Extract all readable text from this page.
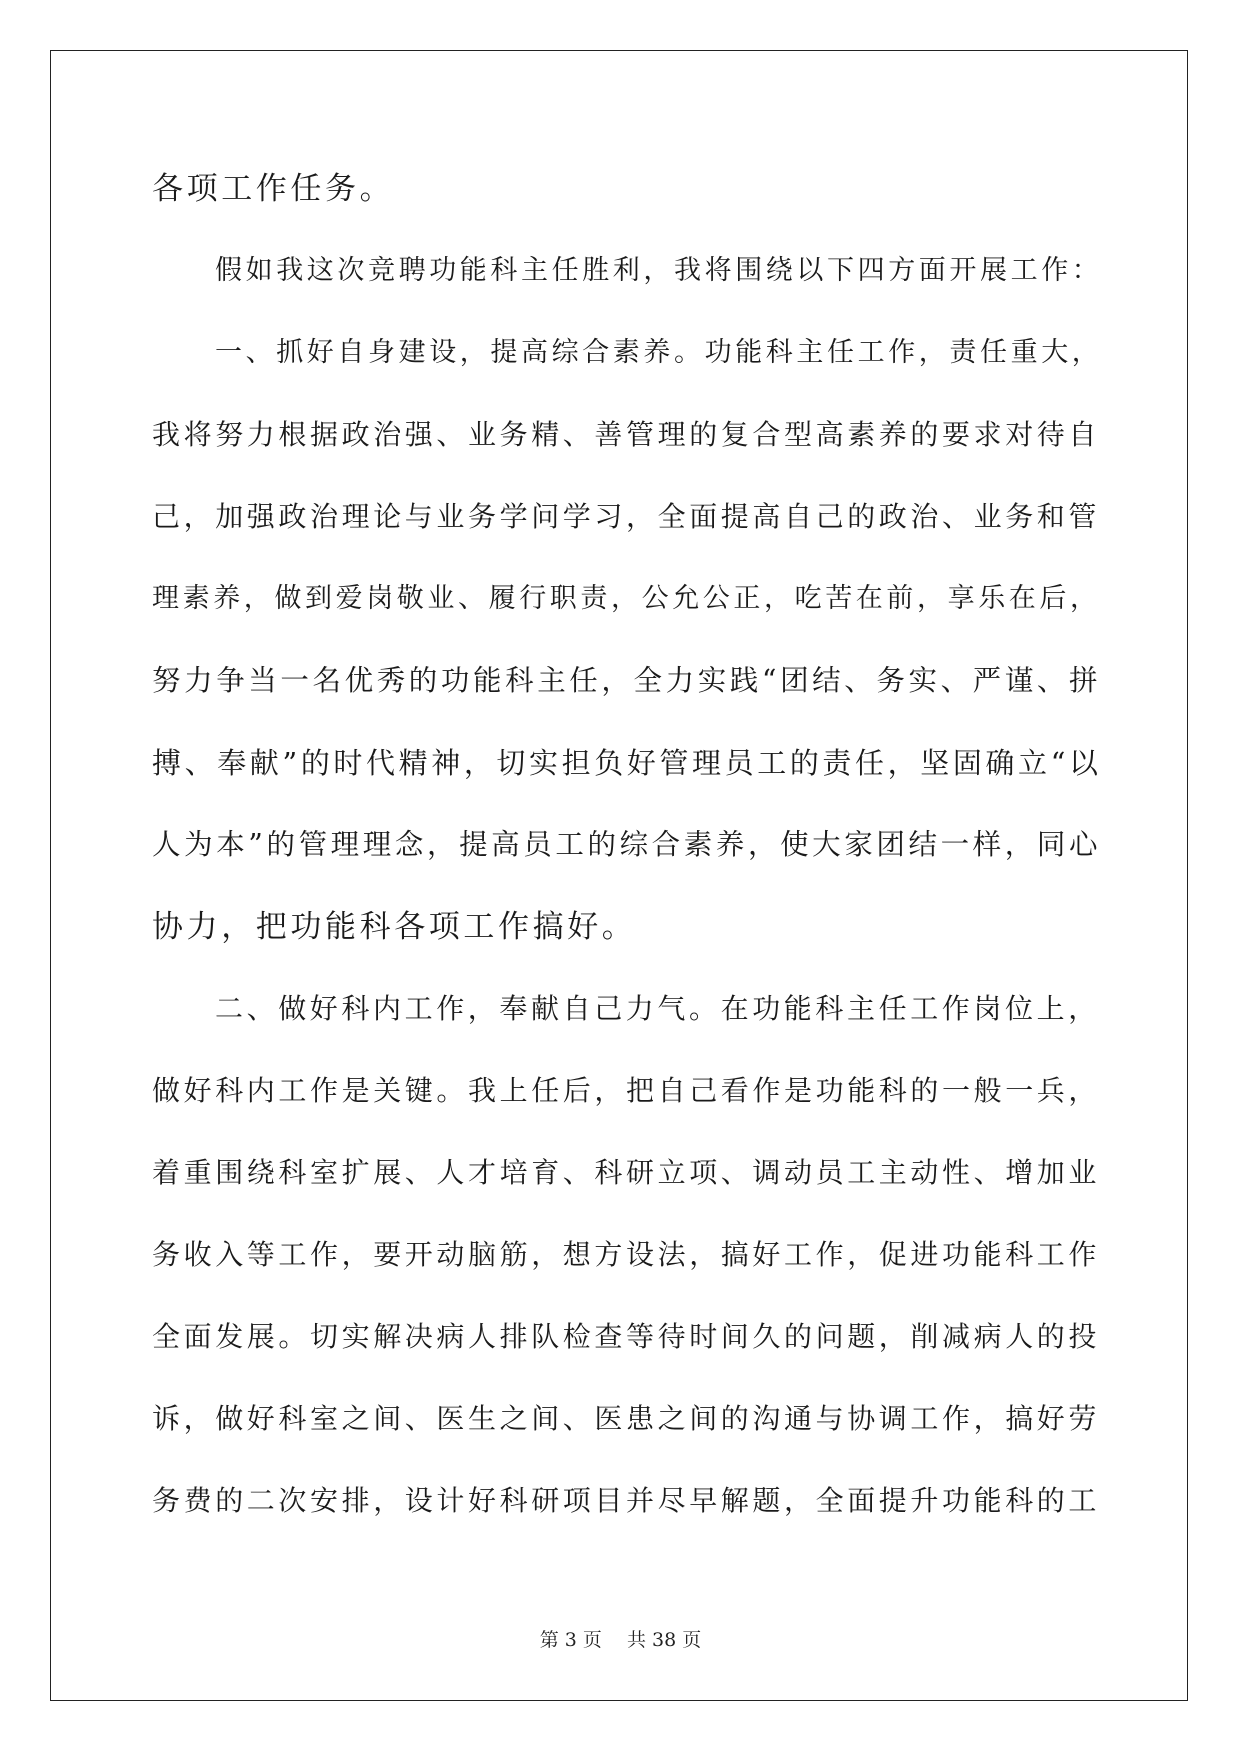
各项工作任务。
假如我这次竞聘功能科主任胜利，我将围绕以下四方面开展工作：
一、抓好自身建设，提高综合素养。功能科主任工作，责任重大，
我将努力根据政治强、业务精、善管理的复合型高素养的要求对待自
己，加强政治理论与业务学问学习，全面提高自己的政治、业务和管
理素养，做到爱岗敬业、履行职责，公允公正，吃苦在前，享乐在后，
努力争当一名优秀的功能科主任，全力实践“团结、务实、严谨、拼
搏、奉献”的时代精神，切实担负好管理员工的责任，坚固确立“以
人为本”的管理理念，提高员工的综合素养，使大家团结一样，同心
协力，把功能科各项工作搞好。
二、做好科内工作，奉献自己力气。在功能科主任工作岗位上，
做好科内工作是关键。我上任后，把自己看作是功能科的一般一兵，
着重围绕科室扩展、人才培育、科研立项、调动员工主动性、增加业
务收入等工作，要开动脑筋，想方设法，搞好工作，促进功能科工作
全面发展。切实解决病人排队检查等待时间久的问题，削减病人的投
诉，做好科室之间、医生之间、医患之间的沟通与协调工作，搞好劳
务费的二次安排，设计好科研项目并尽早解题，全面提升功能科的工
第 3 页　 共 38 页
